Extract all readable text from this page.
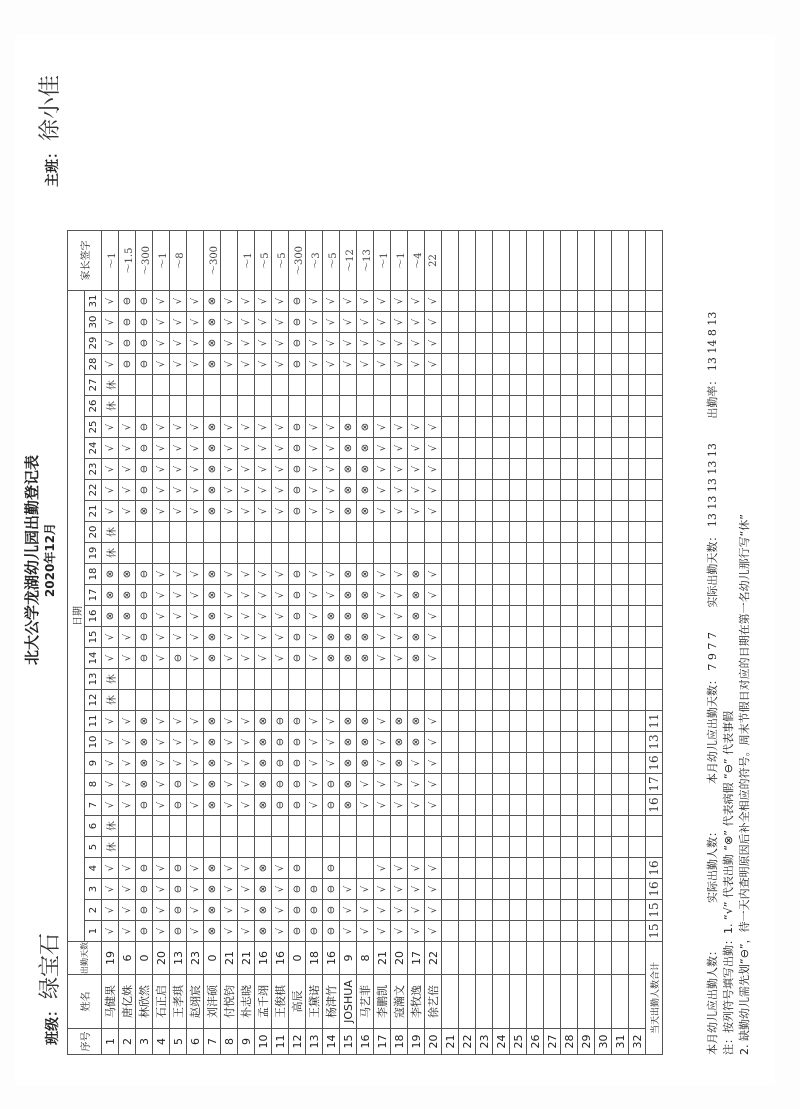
班级：绿宝石
北大公学龙湖幼儿园出勤登记表 2020年12月
主班：徐小佳
序号	姓名	出勤天数	日期																															家长签字
			1	2	3	4	5	6	7	8	9	10	11	12	13	14	15	16	17	18	19	20	21	22	23	24	25	26	27	28	29	30	31	
1	马健果	19	√	√	√	√	休	休	√	√	√	√	√	休	休	√	√	⊗	⊗	⊗	休	休	√	√	√	√	√	休	休	√	√	√	√	～1
2	唐亿姝	6	√	√	√	√			√	√	√	√	√			√	√	⊗	⊗	⊗			√	√	√	√	√			⊖	⊖	⊖	⊖	～1.5
3	林欣然	0	⊖	⊖	⊖	⊖			⊖	⊗	⊗	⊗	⊗			⊖	⊖	⊖	⊖	⊖			⊗	⊖	⊖	⊖	⊖			⊖	⊖	⊖	⊖	～300
4	石正启	20	√	√	√	√			√	√	√	√	√			√	√	√	√	√			√	√	√	√	√			√	√	√	√	～1
5	王孝琪	13	⊖	⊖	⊖	⊖			⊖	⊖	√	√	√			⊖	√	√	√	√			√	√	√	√	√			√	√	√	√	～8
6	赵翊宸	23	√	√	√	√			√	√	√	√	√			√	√	√	√	√			√	√	√	√	√			√	√	√	√	
7	刘沣硕	0	⊗	⊗	⊗	⊗			⊗	⊗	⊗	⊗	⊗			⊗	⊗	⊗	⊗	⊗			⊗	⊗	⊗	⊗	⊗			⊗	⊗	⊗	⊗	～300
8	付悦钧	21	√	√	√	√			√	√	√	√	√			√	√	√	√	√			√	√	√	√	√			√	√	√	√	
9	朴志晓	21	√	√	√	√			√	√	√	√	√			√	√	√	√	√			√	√	√	√	√			√	√	√	√	～1
10	孟千翊	16	⊗	⊗	⊗	⊗			⊗	⊗	⊗	⊗	⊗			√	√	√	√	√			√	√	√	√	√			√	√	√	√	～5
11	王俊棋	16	√	√	√	√			⊖	⊖	⊖	⊖	⊖			√	√	√	√	√			√	√	√	√	√			√	√	√	√	～5
12	高辰	0	⊖	⊖	⊖	⊖			⊖	⊖	⊖	⊖	⊖			⊖	⊖	⊖	⊖	⊖			⊖	⊖	⊖	⊖	⊖			⊖	⊖	⊖	⊖	～300
13	王黛诺	18	⊖	⊖	⊖				√	√	√	√	√			√	√	√	√	√			√	√	√	√	√			√	√	√	√	～3
14	杨津竹	16	⊖	⊖	⊖	⊖			⊖	⊖	√	√	√			⊗	⊗	⊗	√	√			√	√	√	√	√			√	√	√	√	～5
15	JOSHUA	9	√	√	√				⊗	⊗	⊗	⊗	⊗			⊗	⊗	⊗	⊗	⊗			⊗	⊗	⊗	⊗	⊗			√	√	√	√	～12
16	马艺菲	8	√	√	√				√	√	⊗	⊗	⊗			⊗	⊗	⊗	⊗	⊗			⊗	⊗	⊗	⊗	⊗			√	√	√	√	～13
17	李鹏凯	21	√	√	√	√			√	√	√	√	√			√	√	√	√	√			√	√	√	√	√			√	√	√	√	～1
18	寇瀚文	20	√	√	√	√			√	√	⊗	⊗	⊗			√	√	√	√	√			√	√	√	√	√			√	√	√	√	～1
19	李牧逸	17	√	√	√	√			√	√	√	⊗	⊗			⊗	⊗	⊗	⊗	⊗			√	√	√	√	√			√	√	√	√	～4
20	徐艺倍	22	√	√	√	√			√	√	√	√	√			√	√	√	√	√			√	√	√	√	√			√	√	√	√	22
21																																		
22																																		
23																																		
24																																		
25																																		
26																																		
27																																		
28																																		
29																																		
30																																		
31																																		
32																																		
当天出勤人数合计			15	15	16	16			16	17	16	13	11																					
本月幼儿应出勤人数：            实际出勤人数：            本月幼儿应出勤天数： 7 9 7 7       实际出勤天数： 13 13 13 13 13       出勤率： 13 14 8 13
注：按列符号填写出勤：1. “√” 代表出勤 “⊗” 代表病假 “⊖” 代表事假 2. 缺勤幼儿需先划“⊖”，待一天内查明原因后补全相应的符号。周末节假日对应的日期在第一名幼儿那行写“休”
